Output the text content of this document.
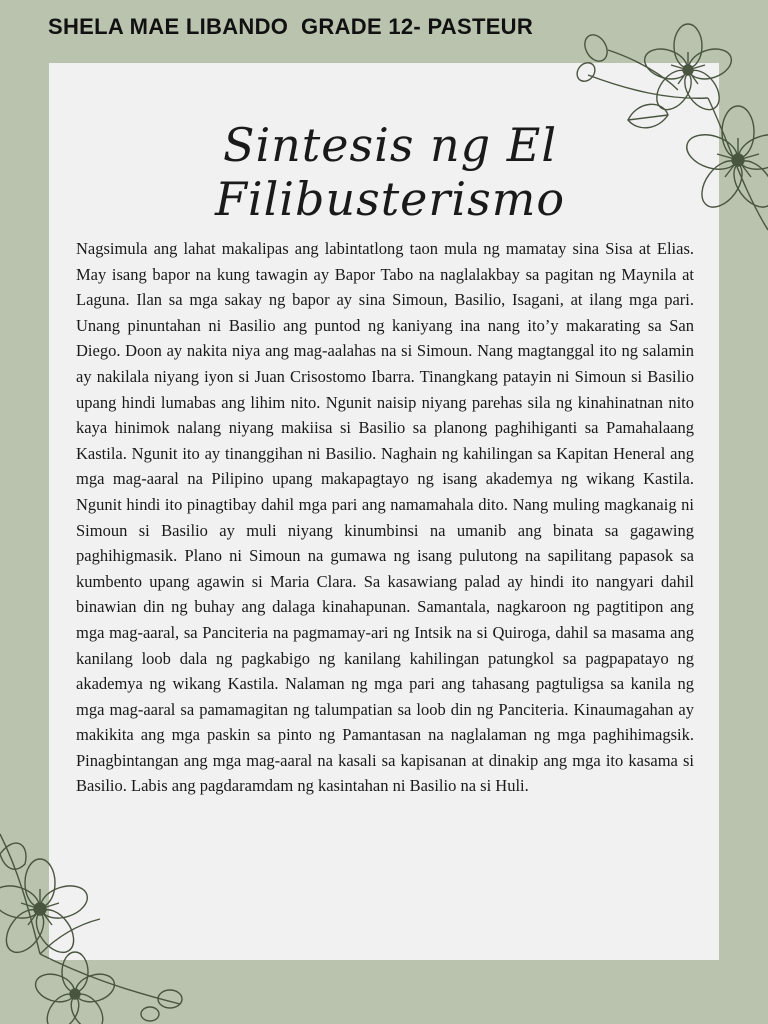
SHELA MAE LIBANDO  GRADE 12- PASTEUR
Sintesis ng El Filibusterismo
Nagsimula ang lahat makalipas ang labintatlong taon mula ng mamatay sina Sisa at Elias. May isang bapor na kung tawagin ay Bapor Tabo na naglalakbay sa pagitan ng Maynila at Laguna. Ilan sa mga sakay ng bapor ay sina Simoun, Basilio, Isagani, at ilang mga pari. Unang pinuntahan ni Basilio ang puntod ng kaniyang ina nang ito’y makarating sa San Diego. Doon ay nakita niya ang mag-aalahas na si Simoun. Nang magtanggal ito ng salamin ay nakilala niyang iyon si Juan Crisostomo Ibarra. Tinangkang patayin ni Simoun si Basilio upang hindi lumabas ang lihim nito. Ngunit naisip niyang parehas sila ng kinahinatnan nito kaya hinimok nalang niyang makiisa si Basilio sa planong paghihiganti sa Pamahalaang Kastila. Ngunit ito ay tinanggihan ni Basilio. Naghain ng kahilingan sa Kapitan Heneral ang mga mag-aaral na Pilipino upang makapagtayo ng isang akademya ng wikang Kastila. Ngunit hindi ito pinagtibay dahil mga pari ang namamahala dito. Nang muling magkanaig ni Simoun si Basilio ay muli niyang kinumbinsi na umanib ang binata sa gagawing paghihigmasik. Plano ni Simoun na gumawa ng isang pulutong na sapilitang papasok sa kumbento upang agawin si Maria Clara. Sa kasawiang palad ay hindi ito nangyari dahil binawian din ng buhay ang dalaga kinahapunan. Samantala, nagkaroon ng pagtitipon ang mga mag-aaral, sa Panciteria na pagmamay-ari ng Intsik na si Quiroga, dahil sa masama ang kanilang loob dala ng pagkabigo ng kanilang kahilingan patungkol sa pagpapatayo ng akademya ng wikang Kastila. Nalaman ng mga pari ang tahasang pagtuligsa sa kanila ng mga mag-aaral sa pamamagitan ng talumpatian sa loob din ng Panciteria. Kinaumagahan ay makikita ang mga paskin sa pinto ng Pamantasan na naglalaman ng mga paghihimagsik. Pinagbintangan ang mga mag-aaral na kasali sa kapisanan at dinakip ang mga ito kasama si Basilio. Labis ang pagdaramdam ng kasintahan ni Basilio na si Huli.
